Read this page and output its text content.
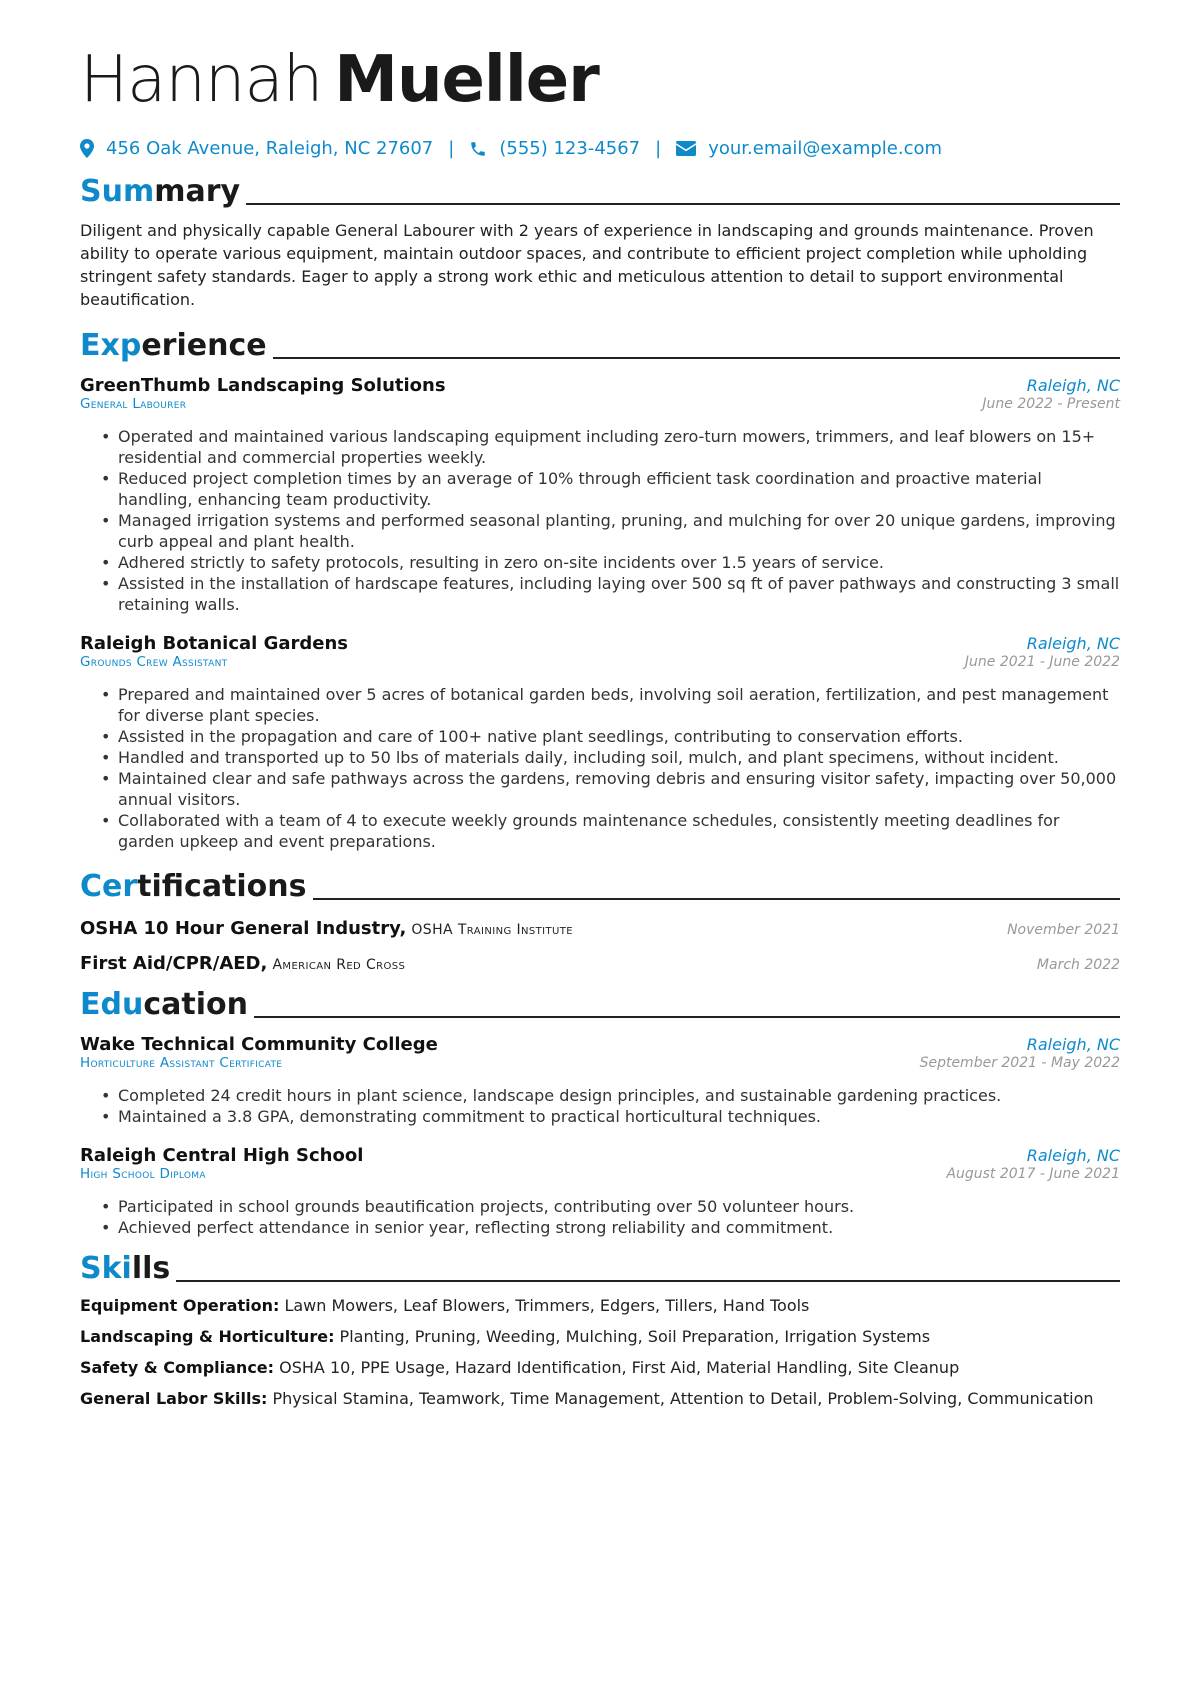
Hannah Mueller
456 Oak Avenue, Raleigh, NC 27607 |	(555) 123-4567 |	your.email@example.com
Summary
Diligent and physically capable General Labourer with 2 years of experience in landscaping and grounds maintenance. Proven ability to operate various equipment, maintain outdoor spaces, and contribute to efficient project completion while upholding stringent safety standards. Eager to apply a strong work ethic and meticulous attention to detail to support environmental beautification.
Experience
GreenThumb Landscaping Solutions	Raleigh, NC
General Labourer	June 2022 - Present
• Operated and maintained various landscaping equipment including zero-turn mowers, trimmers, and leaf blowers on 15+ residential and commercial properties weekly.
• Reduced project completion times by an average of 10% through efficient task coordination and proactive material handling, enhancing team productivity.
• Managed irrigation systems and performed seasonal planting, pruning, and mulching for over 20 unique gardens, improving curb appeal and plant health.
• Adhered strictly to safety protocols, resulting in zero on-site incidents over 1.5 years of service.
• Assisted in the installation of hardscape features, including laying over 500 sq ft of paver pathways and constructing 3 small retaining walls.
Raleigh Botanical Gardens	Raleigh, NC
Grounds Crew Assistant	June 2021 - June 2022
• Prepared and maintained over 5 acres of botanical garden beds, involving soil aeration, fertilization, and pest management for diverse plant species.
• Assisted in the propagation and care of 100+ native plant seedlings, contributing to conservation efforts.
• Handled and transported up to 50 lbs of materials daily, including soil, mulch, and plant specimens, without incident.
• Maintained clear and safe pathways across the gardens, removing debris and ensuring visitor safety, impacting over 50,000 annual visitors.
• Collaborated with a team of 4 to execute weekly grounds maintenance schedules, consistently meeting deadlines for garden upkeep and event preparations.
Certifications
OSHA 10 Hour General Industry, OSHA Training Institute	November 2021
First Aid/CPR/AED, American Red Cross	March 2022
Education
Wake Technical Community College	Raleigh, NC
Horticulture Assistant Certificate	September 2021 - May 2022
• Completed 24 credit hours in plant science, landscape design principles, and sustainable gardening practices.
• Maintained a 3.8 GPA, demonstrating commitment to practical horticultural techniques.
Raleigh Central High School	Raleigh, NC
High School Diploma	August 2017 - June 2021
• Participated in school grounds beautification projects, contributing over 50 volunteer hours.
• Achieved perfect attendance in senior year, reflecting strong reliability and commitment.
Skills
Equipment Operation: Lawn Mowers, Leaf Blowers, Trimmers, Edgers, Tillers, Hand Tools
Landscaping & Horticulture: Planting, Pruning, Weeding, Mulching, Soil Preparation, Irrigation Systems
Safety & Compliance: OSHA 10, PPE Usage, Hazard Identification, First Aid, Material Handling, Site Cleanup
General Labor Skills: Physical Stamina, Teamwork, Time Management, Attention to Detail, Problem-Solving, Communication
